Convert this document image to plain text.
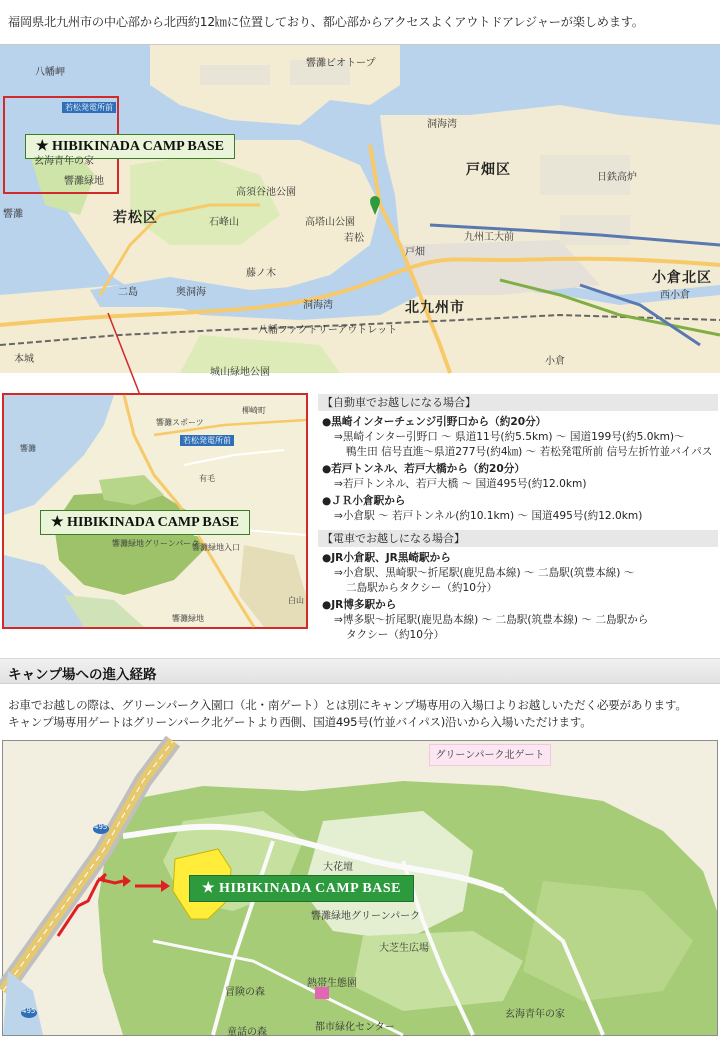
福岡県北九州市の中心部から北西約12㎞に位置しており、都心部からアクセスよくアウトドアレジャーが楽しめます。
★ HIBIKINADA CAMP BASE
若松区
戸畑区
小倉北区
北九州市
響灘ビオトープ
八幡岬
玄海青年の家
響灘緑地
若松発電所前
若松
戸畑
二島	奥洞海
藤ノ木
本城
城山緑地公園
洞海湾
高塔山公園
西小倉
九州工大前
石峰山
高須谷池公園
八幡ファクトリーアウトレット
日鉄高炉
洞海湾
小倉
響灘
★ HIBIKINADA CAMP BASE
柳崎町
響灘緑地グリーンパーク
響灘
白山
響灘緑地
若松発電所前
響灘スポーツ
響灘緑地入口
有毛
【自動車でお越しになる場合】
●黒崎インターチェンジ引野口から（約20分）
⇒黒崎インター引野口 ～ 県道11号(約5.5km) ～ 国道199号(約5.0km)～
鴨生田 信号直進～県道277号(約4㎞) ～ 若松発電所前 信号左折竹並バイパス
●若戸トンネル、若戸大橋から（約20分）
⇒若戸トンネル、若戸大橋 ～ 国道495号(約12.0km)
●ＪＲ小倉駅から
⇒小倉駅 ～ 若戸トンネル(約10.1km) ～ 国道495号(約12.0km)
【電車でお越しになる場合】
●JR小倉駅、JR黒崎駅から
⇒小倉駅、黒崎駅～折尾駅(鹿児島本線) ～ 二島駅(筑豊本線) ～
二島駅からタクシー（約10分）
●JR博多駅から
⇒博多駅～折尾駅(鹿児島本線) ～ 二島駅(筑豊本線) ～ 二島駅から
タクシー（約10分）
キャンプ場への進入経路
お車でお越しの際は、グリーンパーク入園口（北・南ゲート）とは別にキャンプ場専用の入場口よりお越しいただく必要があります。
キャンプ場専用ゲートはグリーンパーク北ゲートより西側、国道495号(竹並バイパス)沿いから入場いただけます。
グリーンパーク北ゲート
★ HIBIKINADA CAMP BASE
大花壇
響灘緑地グリーンパーク
大芝生広場
熱帯生態園
冒険の森
童話の森	都市緑化センター
玄海青年の家
495
495
